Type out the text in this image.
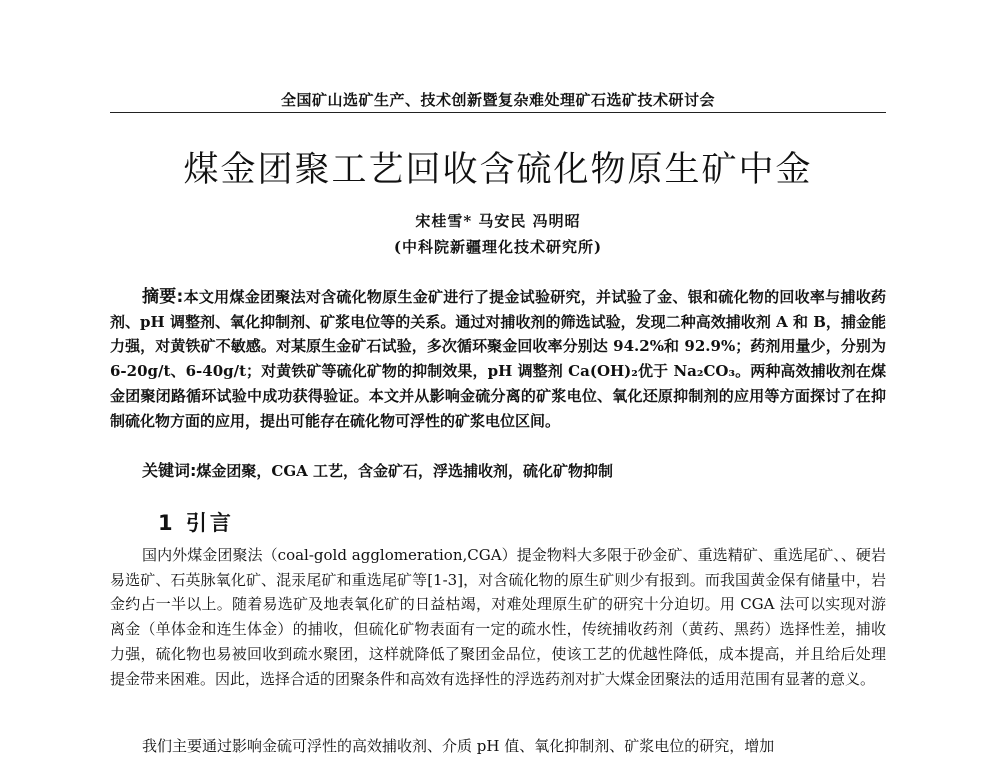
全国矿山选矿生产、技术创新暨复杂难处理矿石选矿技术研讨会
煤金团聚工艺回收含硫化物原生矿中金
宋桂雪* 马安民 冯明昭
(中科院新疆理化技术研究所)

摘要:本文用煤金团聚法对含硫化物原生金矿进行了提金试验研究，并试验了金、银和硫化物的回收率与捕收药剂、pH 调整剂、氧化抑制剂、矿浆电位等的关系。通过对捕收剂的筛选试验，发现二种高效捕收剂 A 和 B，捕金能力强，对黄铁矿不敏感。对某原生金矿石试验，多次循环聚金回收率分别达 94.2%和 92.9%；药剂用量少，分别为 6-20g/t、6-40g/t；对黄铁矿等硫化矿物的抑制效果，pH 调整剂 Ca(OH)₂优于 Na₂CO₃。两种高效捕收剂在煤金团聚闭路循环试验中成功获得验证。本文并从影响金硫分离的矿浆电位、氧化还原抑制剂的应用等方面探讨了在抑制硫化物方面的应用，提出可能存在硫化物可浮性的矿浆电位区间。

关键词:煤金团聚，CGA 工艺，含金矿石，浮选捕收剂，硫化矿物抑制

1 引言

国内外煤金团聚法（coal-gold agglomeration,CGA）提金物料大多限于砂金矿、重选精矿、重选尾矿、、硬岩易选矿、石英脉氧化矿、混汞尾矿和重选尾矿等[1-3]，对含硫化物的原生矿则少有报到。而我国黄金保有储量中，岩金约占一半以上。随着易选矿及地表氧化矿的日益枯竭，对难处理原生矿的研究十分迫切。用 CGA 法可以实现对游离金（单体金和连生体金）的捕收，但硫化矿物表面有一定的疏水性，传统捕收药剂（黄药、黑药）选择性差，捕收力强，硫化物也易被回收到疏水聚团，这样就降低了聚团金品位，使该工艺的优越性降低，成本提高，并且给后处理提金带来困难。因此，选择合适的团聚条件和高效有选择性的浮选药剂对扩大煤金团聚法的适用范围有显著的意义。

我们主要通过影响金硫可浮性的高效捕收剂、介质 pH 值、氧化抑制剂、矿浆电位的研究，增加
